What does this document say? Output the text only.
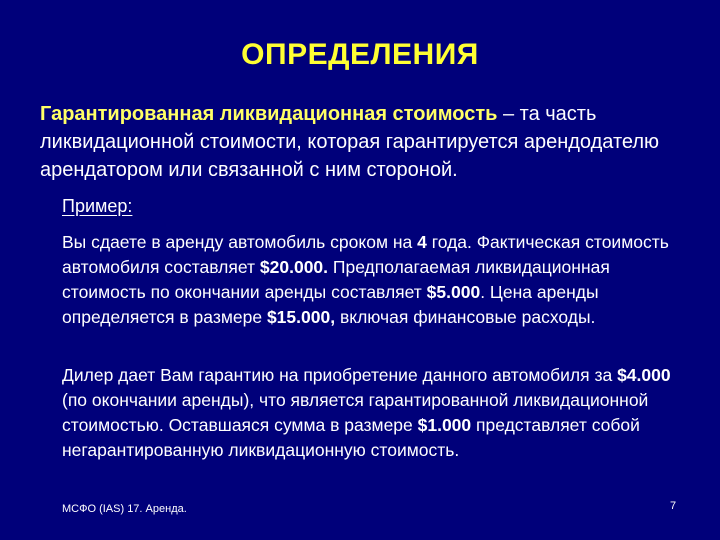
ОПРЕДЕЛЕНИЯ
Гарантированная ликвидационная стоимость – та часть ликвидационной стоимости, которая гарантируется арендодателю арендатором или связанной с ним стороной.
Пример:
Вы сдаете в аренду автомобиль сроком на 4 года. Фактическая стоимость автомобиля составляет $20.000. Предполагаемая ликвидационная стоимость по окончании аренды составляет $5.000. Цена аренды определяется в размере $15.000, включая финансовые расходы.
Дилер дает Вам гарантию на приобретение данного автомобиля за $4.000 (по окончании аренды), что является гарантированной ликвидационной стоимостью. Оставшаяся сумма в размере $1.000 представляет собой негарантированную ликвидационную стоимость.
МСФО (IAS) 17. Аренда.	7
